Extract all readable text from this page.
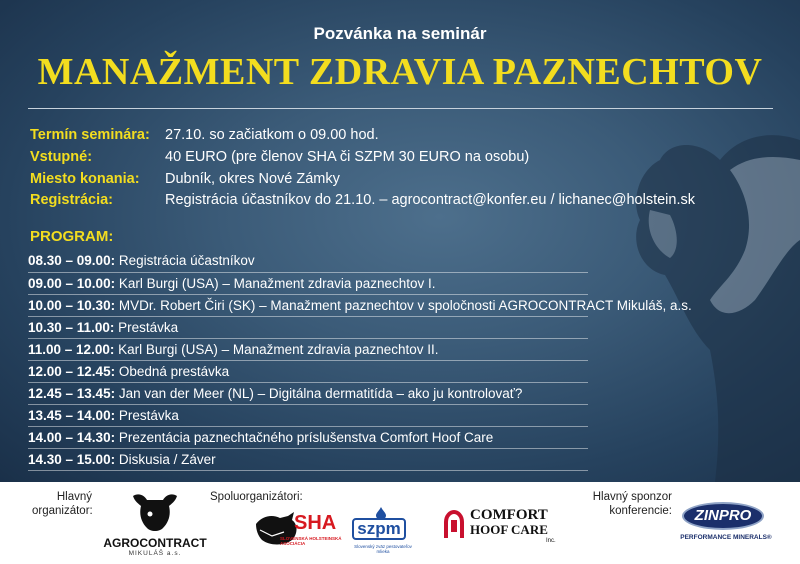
Pozvánka na seminár
MANAŽMENT ZDRAVIA PAZNECHTOV
Termín seminára: 27.10. so začiatkom o 09.00 hod.
Vstupné:	40 EURO (pre členov SHA či SZPM 30 EURO na osobu)
Miesto konania: Dubník, okres Nové Zámky
Registrácia:	Registrácia účastníkov do 21.10. – agrocontract@konfer.eu / lichanec@holstein.sk
PROGRAM:
08.30 – 09.00: Registrácia účastníkov
09.00 – 10.00: Karl Burgi (USA) – Manažment zdravia paznechtov I.
10.00 – 10.30: MVDr. Robert Čiri (SK) – Manažment paznechtov v spoločnosti AGROCONTRACT Mikuláš, a.s.
10.30 – 11.00: Prestávka
11.00 – 12.00: Karl Burgi (USA) – Manažment zdravia paznechtov II.
12.00 – 12.45: Obedná prestávka
12.45 – 13.45: Jan van der Meer (NL) – Digitálna dermatitída – ako ju kontrolovať?
13.45 – 14.00: Prestávka
14.00 – 14.30: Prezentácia paznechtačného príslušenstva Comfort Hoof Care
14.30 – 15.00: Diskusia / Záver
Hlavný
organizátor:
AGROCONTRACT
MIKULÁŠ a.s.
Spoluorganizátori:
SHA
SLOVENSKÁ HOLSTEINSKÁ ASOCIÁCIA
szpm
Slovenský zväz pestovateľov mlieka
COMFORT
HOOF CARE
Inc.
Hlavný sponzor
konferencie:	ZINPRO
PERFORMANCE MINERALS®
